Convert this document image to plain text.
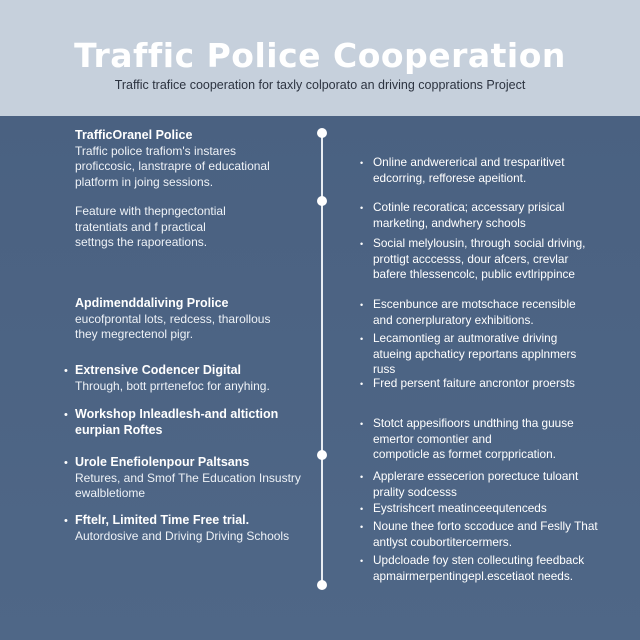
Traffic Police Cooperation
Traffic trafice cooperation for taxly colporato an driving copprations Project
TrafficOranel Police
Traffic police trafiom's instares
proficcosic, lanstrapre of educational
platform in joing sessions.
Feature with thepngectontial
tratentiats and f practical
settngs the raporeations.
Apdimenddaliving Prolice
eucofprontal lots, redcess, tharollous
they megrectenol pigr.
• Extrensive Codencer Digital
Through, bott prrtenefoc for anyhing.
• Workshop Inleadlesh-and altiction
eurpian Roftes
• Urole Enefiolenpour Paltsans
Retures, and Smof The Education Insustry
ewalbletiome
• Fftelr, Limited Time Free trial.
Autordosive and Driving Driving Schools
• Online andwererical and tresparitivet
edcorring, refforese apeitiont.
• Cotinle recoratica; accessary prisical
marketing, andwhery schools
• Social melylousin, through social driving,
prottigt acccesss, dour afcers, crevlar
bafere thlessencolc, public evtlrippince
• Escenbunce are motschace recensible
and conerpluratory exhibitions.
• Lecamontieg ar autmorative driving
atueing apchaticy reportans applnmers
russ
• Fred persent faiture ancrontor proersts
• Stotct appesifioors undthing tha guuse
emertor comontier and
compoticle as formet corpprication.
• Applerare essecerion porectuce tuloant
prality sodcesss
• Eystrishcert meatinceequtenceds
• Noune thee forto sccoduce and Feslly That
antlyst coubortitercermers.
• Updcloade foy sten collecuting feedback
apmairmerpentingepl.escetiaot needs.
